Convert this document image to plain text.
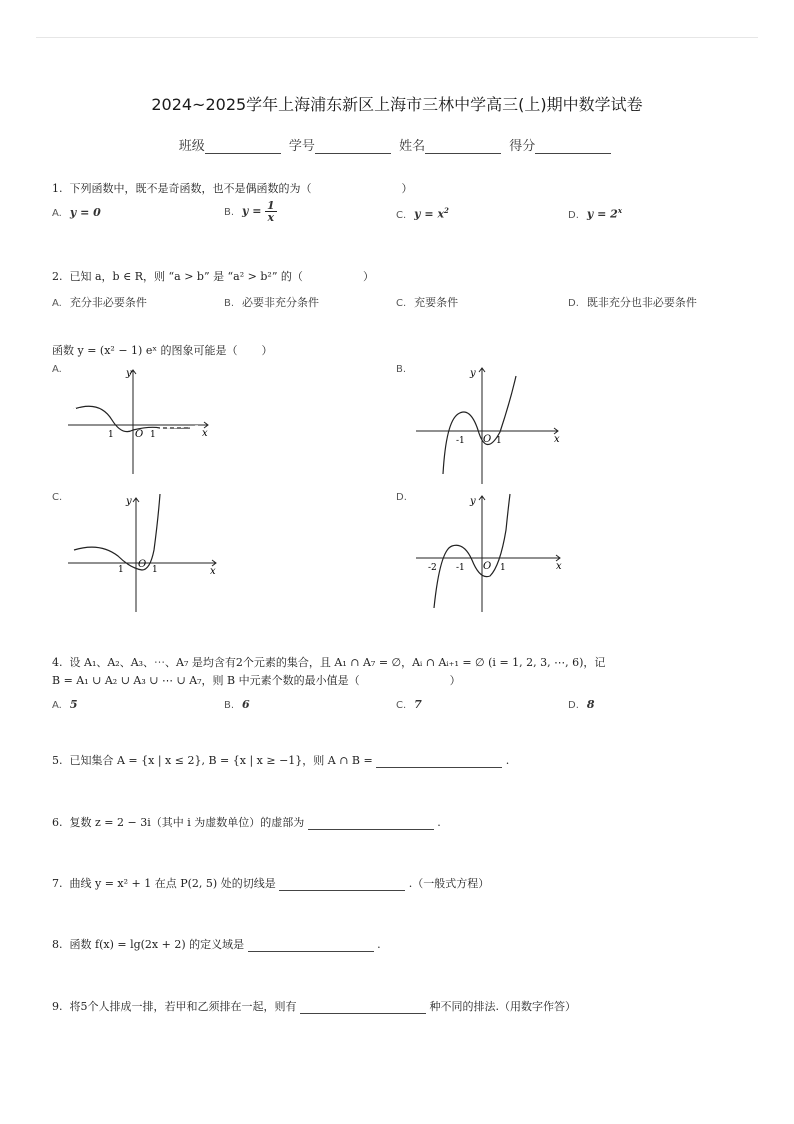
2024~2025学年上海浦东新区上海市三林中学高三(上)期中数学试卷
班级	学号	姓名	得分
1. 下列函数中，既不是奇函数，也不是偶函数的为（	）
A. y = 0	B. $y = \frac{1}{x}$	C. $y = x^2$	D. $y = 2^x$
2. 已知 a，b ∈ R，则 “a > b” 是 “a² > b²” 的（	）
A. 充分非必要条件	B. 必要非充分条件	C. 充要条件	D. 既非充分也非必要条件
函数 y = (x² − 1) eˣ 的图象可能是（ ）
A.	y
x
O
1	1
B.	y
x
O
-1	1
C.	y
x
O
1	1
D.	y
x
O
-2 -1	1
4. 设 A₁、A₂、A₃、⋯、A₇ 是均含有2个元素的集合，且 A₁ ∩ A₇ = ∅，Aᵢ ∩ Aᵢ₊₁ = ∅ (i = 1, 2, 3, ⋯, 6)，记
B = A₁ ∪ A₂ ∪ A₃ ∪ ⋯ ∪ A₇，则 B 中元素个数的最小值是（	）
A. 5	B. 6	C. 7	D. 8
5. 已知集合 A = {x | x ≤ 2}, B = {x | x ≥ −1}，则 A ∩ B =	.
6. 复数 z = 2 − 3i（其中 i 为虚数单位）的虚部为	.
7. 曲线 y = x² + 1 在点 P(2, 5) 处的切线是	.（一般式方程）
8. 函数 f(x) = lg(2x + 2) 的定义域是	.
9. 将5个人排成一排，若甲和乙须排在一起，则有	种不同的排法.（用数字作答）
